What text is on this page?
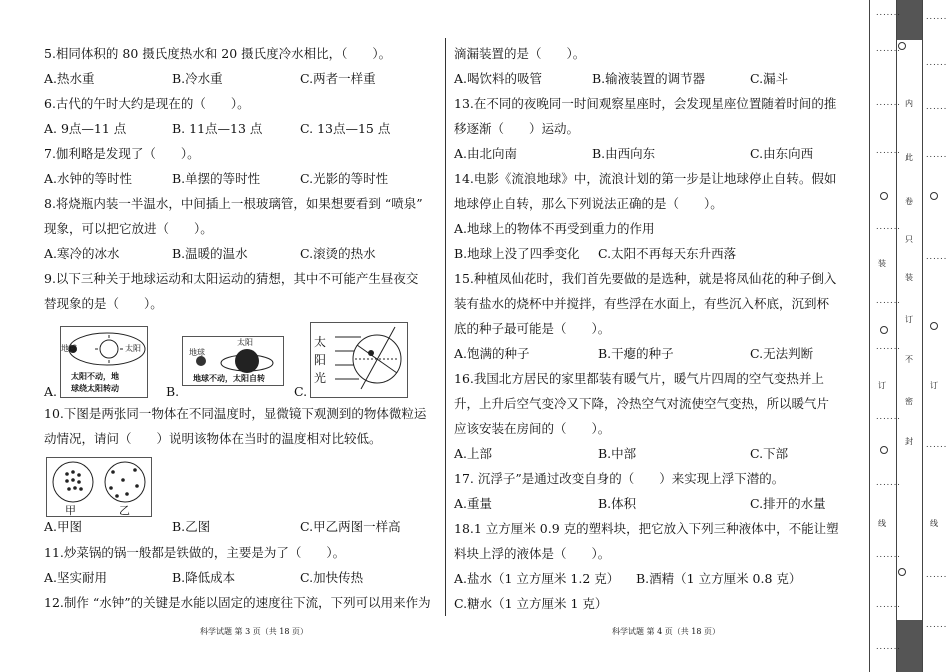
5.相同体积的 80 摄氏度热水和 20 摄氏度冷水相比，（　　）。
A.热水重	B.冷水重	C.两者一样重
6.古代的午时大约是现在的（　　）。
A. 9点—11 点	B. 11点—13 点	C. 13点—15 点
7.伽利略是发现了（　　）。
A.水钟的等时性	B.单摆的等时性	C.光影的等时性
8.将烧瓶内装一半温水，中间插上一根玻璃管，如果想要看到 “喷泉”
现象，可以把它放进（　　）。
A.寒冷的冰水	B.温暖的温水	C.滚烫的热水
9.以下三种关于地球运动和太阳运动的猜想，其中不可能产生昼夜交
替现象的是（　　）。
A.
地球	太阳
太阳不动，地
球绕太阳转动	B.
地球
太阳
地球不动，太阳自转
C.
太
阳
光
10.下图是两张同一物体在不同温度时，显微镜下观测到的物体微粒运
动情况，请问（　　）说明该物体在当时的温度相对比较低。
甲	乙
A.甲图	B.乙图	C.甲乙两图一样高
11.炒菜锅的锅一般都是铁做的，主要是为了（　　）。
A.坚实耐用	B.降低成本	C.加快传热
12.制作 “水钟”的关键是水能以固定的速度往下流，下列可以用来作为
科学试题 第 3 页（共 18 页）
滴漏装置的是（　　）。
A.喝饮料的吸管	B.输液装置的调节器	C.漏斗
13.在不同的夜晚同一时间观察星座时，会发现星座位置随着时间的推
移逐渐（　　）运动。
A.由北向南	B.由西向东	C.由东向西
14.电影《流浪地球》中，流浪计划的第一步是让地球停止自转。假如
地球停止自转，那么下列说法正确的是（　　）。
A.地球上的物体不再受到重力的作用
B.地球上没了四季变化 C.太阳不再每天东升西落
15.种植凤仙花时，我们首先要做的是选种，就是将凤仙花的种子倒入
装有盐水的烧杯中并搅拌，有些浮在水面上，有些沉入杯底，沉到杯
底的种子最可能是（　　）。
A.饱满的种子	B.干瘪的种子	C.无法判断
16.我国北方居民的家里都装有暖气片，暖气片四周的空气变热并上
升，上升后空气变冷又下降，冷热空气对流使空气变热，所以暖气片
应该安装在房间的（　　）。
A.上部	B.中部	C.下部
17. 沉浮子”是通过改变自身的（　　）来实现上浮下潜的。
A.重量	B.体积	C.排开的水量
18.1 立方厘米 0.9 克的塑料块，把它放入下列三种液体中，不能让塑
料块上浮的液体是（　　）。
A.盐水（1 立方厘米 1.2 克） B.酒精（1 立方厘米 0.8 克）
C.糖水（1 立方厘米 1 克）
科学试题 第 4 页（共 18 页）
内
此
卷
只
装
订
不
密
封
装
订
线
订
线
.......
.......
.......
.......
.......
.......
.......
.......
.......
.......
.......
.......
......
......
......
......
......
......
......
......
